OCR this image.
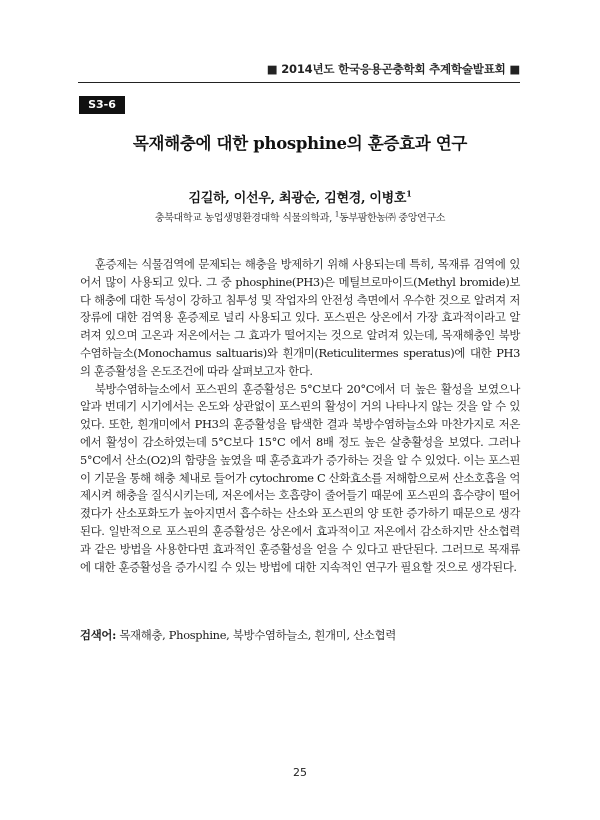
■ 2014년도 한국응용곤충학회 추계학술발표회 ■
S3-6
목재해충에 대한 phosphine의 훈증효과 연구
김길하, 이선우, 최광순, 김현경, 이병호$^1$
충북대학교 농업생명환경대학 식물의학과, $^1$동부팜한농㈜ 중앙연구소

훈증제는 식물검역에 문제되는 해충을 방제하기 위해 사용되는데 특히, 목재류 검역에 있어서 많이 사용되고 있다. 그 중 phosphine(PH3)은 메틸브로마이드(Methyl bromide)보다 해충에 대한 독성이 강하고 침투성 및 작업자의 안전성 측면에서 우수한 것으로 알려져 저장류에 대한 검역용 훈증제로 널리 사용되고 있다. 포스핀은 상온에서 가장 효과적이라고 알려져 있으며 고온과 저온에서는 그 효과가 떨어지는 것으로 알려져 있는데, 목재해충인 북방수염하늘소(Monochamus saltuaris)와 흰개미(Reticulitermes speratus)에 대한 PH3의 훈증활성을 온도조건에 따라 살펴보고자 한다.

북방수염하늘소에서 포스핀의 훈증활성은 5°C보다 20°C에서 더 높은 활성을 보였으나 알과 번데기 시기에서는 온도와 상관없이 포스핀의 활성이 거의 나타나지 않는 것을 알 수 있었다. 또한, 흰개미에서 PH3의 훈증활성을 탐색한 결과 북방수염하늘소와 마찬가지로 저온에서 활성이 감소하였는데 5°C보다 15°C 에서 8배 정도 높은 살충활성을 보였다. 그러나 5°C에서 산소(O2)의 함량을 높였을 때 훈증효과가 증가하는 것을 알 수 있었다. 이는 포스핀이 기문을 통해 해충 체내로 들어가 cytochrome C 산화효소를 저해함으로써 산소호흡을 억제시켜 해충을 질식시키는데, 저온에서는 호흡량이 줄어들기 때문에 포스핀의 흡수량이 떨어졌다가 산소포화도가 높아지면서 흡수하는 산소와 포스핀의 양 또한 증가하기 때문으로 생각된다. 일반적으로 포스핀의 훈증활성은 상온에서 효과적이고 저온에서 감소하지만 산소협력과 같은 방법을 사용한다면 효과적인 훈증활성을 얻을 수 있다고 판단된다. 그러므로 목재류에 대한 훈증활성을 증가시킬 수 있는 방법에 대한 지속적인 연구가 필요할 것으로 생각된다.

검색어: 목재해충, Phosphine, 북방수염하늘소, 흰개미, 산소협력
25
